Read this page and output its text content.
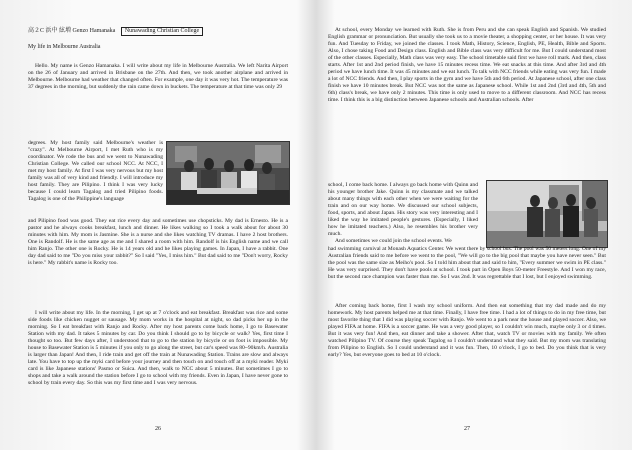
高２C 浜中 絃増 Genzo Hamanaka Nunawading Christian College
My life in Melbourne Australia

Hello. My name is Genzo Hamanaka. I will write about my life in Melbourne Australia. We left Narita Airport on the 26 of January and arrived in Brisbane on the 27th. And then, we took another airplane and arrived in Melbourne. Melbourne had weather that changed often. For example, one day it was very hot. The temperature was 37 degrees in the morning, but suddenly the rain came down in buckets. The temperature at that time was only 29

degrees. My host family said Melbourne's weather is "crazy". At Melbourne Airport, I met Ruth who is my coordinator. We rode the bus and we went to Nunawading Christian College. We called our school NCC. At NCC, I met my host family. At first I was very nervous but my host family was all of very kind and friendly. I will introduce my host family. They are Pilipino. I think I was very lucky because I could learn Tagalog and tried Pilipino foods. Tagalog is one of the Philippine's language

and Pilipino food was good. They eat rice every day and sometimes use chopsticks. My dad is Ernesto. He is a pastor and he always cooks breakfast, lunch and dinner. He likes walking so I took a walk about for about 30 minutes with him. My mom is Jasmine. She is a nurse and she likes watching TV dramas. I have 2 host brothers. One is Randolf. He is the same age as me and I shared a room with him. Randolf is his English name and we call him Ranjo. The other one is Rocky. He is 14 years old and he likes playing games. In Japan, I have a rabbit. One day dad said to me "Do you miss your rabbit?" So I said "Yes, I miss him." But dad said to me "Don't worry, Rocky is here." My rabbit's name is Rocky too.

I will write about my life. In the morning, I get up at 7 o'clock and eat breakfast. Breakfast was rice and some side foods like chicken nugget or sausage. My mom works in the hospital at night, so dad picks her up in the morning. So I eat breakfast with Ranjo and Rocky. After my host parents come back home, I go to Basewater Station with my dad. It takes 5 minutes by car. Do you think I should go to by bicycle or walk? Yes, first time I thought so too. But few days after, I understood that to go to the station by bicycle or on foot is impossible. My house to Basewater Station is 5 minutes if you only to go along the street, but car's speed was 80~90km/h. Australia is larger than Japan! And then, I ride train and get off the train at Nunawading Station. Trains are slow and always late. You have to top up the myki card before your journey and then touch on and touch off at a myki reader. Myki card is like Japanese stations' Pasmo or Suica. And then, walk to NCC about 5 minutes. But sometimes I go to shops and take a walk around the station before I go to school with my friends. Even in Japan, I have never gone to school by train every day. So this was my first time and I was very nervous.

26

At school, every Monday we learned with Ruth. She is from Peru and she can speak English and Spanish. We studied English grammar or pronunciation. But usually she took us to a movie theater, a shopping center, or her house. It was very fun. And Tuesday to Friday, we joined the classes. I took Math, History, Science, English, PE, Health, Bible and Sports. Also, I chose taking Food and Design class. English and Bible class was very difficult for me. But I could understand most of the other classes. Especially, Math class was very easy. The school timetable said first we have roll mark. And then, class starts. After 1st and 2nd period finish, we have 15 minutes recess time. We eat snacks at this time. And after 3rd and 4th period we have lunch time. It was 45 minutes and we eat lunch. To talk with NCC friends while eating was very fun. I made a lot of NCC friends. And then, I play sports in the gym and we have 5th and 6th period. At Japanese school, after one class finish we have 10 minutes break. But NCC was not the same as Japanese school. While 1st and 2nd (3rd and 4th, 5th and 6th) class's break, we have only 2 minutes. This time is only used to move to a different classroom. And NCC has recess time. I think this is a big distinction between Japanese schools and Australian schools. After

school, I come back home. I always go back home with Quinn and his younger brother Jake. Quinn is my classmate and we talked about many things with each other when we were waiting for the train and on our way home. We discussed our school subjects, food, sports, and about Japan. His story was very interesting and I liked the way he imitated people's gestures. (Especially, I liked how he imitated teachers.) Also, he resembles his brother very much.

And sometimes we could join the school events. We

had swimming carnival at Monash Aquatics Center. We went there by school bus. The pool was 50 meters long. One of my Australian friends said to me before we went to the pool, "We will go to the big pool that maybe you have never seen." But the pool was the same size as Meiho's pool. So I told him about that and said to him, "Every summer we swim in PE class." He was very surprised. They don't have pools at school. I took part in Open Boys 50-meter Freestyle. And I won my race, but the second race champion was faster than me. So I was 2nd. It was regrettable that I lost, but I enjoyed swimming.

After coming back home, first I wash my school uniform. And then eat something that my dad made and do my homework. My host parents helped me at that time. Finally, I have free time. I had a lot of things to do in my free time, but most favorite thing that I did was playing soccer with Ranjo. We went to a park near the house and played soccer. Also, we played FIFA at home. FIFA is a soccer game. He was a very good player, so I couldn't win much, maybe only 3 or 4 times. But it was very fun! And then, eat dinner and take a shower. After that, watch TV or movies with my family. We often watched Pilipino TV. Of course they speak Tagalog so I couldn't understand what they said. But my mom was translating from Pilipino to English. So I could understand and it was fun. Then, 10 o'clock, I go to bed. Do you think that is very early? Yes, but everyone goes to bed at 10 o'clock.

27
